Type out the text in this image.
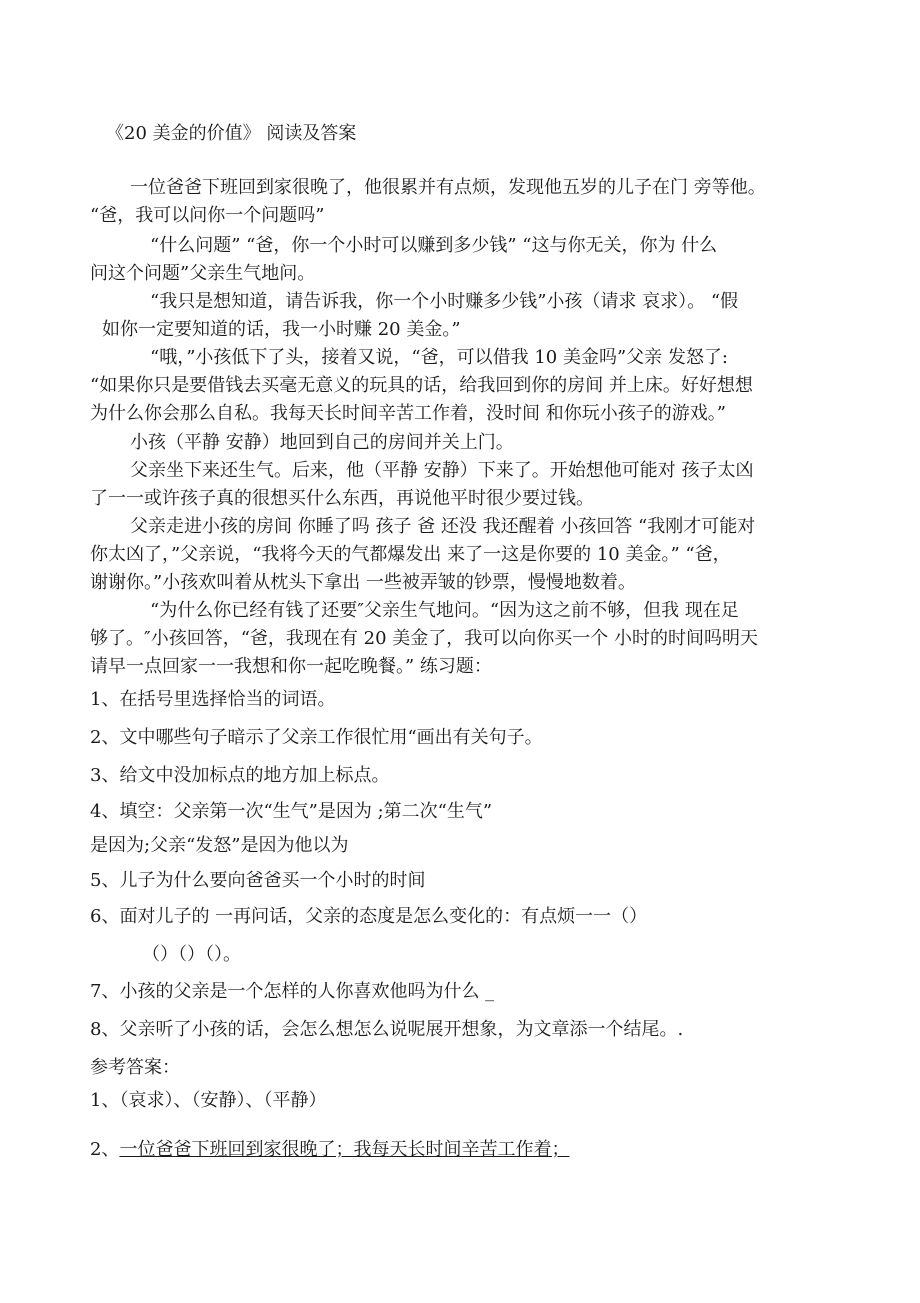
《20 美金的价值》 阅读及答案

一位爸爸下班回到家很晚了，他很累并有点烦，发现他五岁的儿子在门 旁等他。

“爸，我可以问你一个问题吗”

“什么问题” “爸，你一个小时可以赚到多少钱” “这与你无关，你为 什么

问这个问题”父亲生气地问。

“我只是想知道，请告诉我，你一个小时赚多少钱”小孩（请求 哀求）。 “假

如你一定要知道的话，我一小时赚 20 美金。”

“哦，”小孩低下了头，接着又说，“爸，可以借我 10 美金吗”父亲 发怒了:

“如果你只是要借钱去买毫无意义的玩具的话，给我回到你的房间 并上床。好好想想

为什么你会那么自私。我每天长时间辛苦工作着，没时间 和你玩小孩子的游戏。”

小孩（平静 安静）地回到自己的房间并关上门。

父亲坐下来还生气。后来，他（平静 安静）下来了。开始想他可能对 孩子太凶

了一一或许孩子真的很想买什么东西，再说他平时很少要过钱。

父亲走进小孩的房间 你睡了吗 孩子 爸 还没 我还醒着 小孩回答 “我刚才可能对

你太凶了，”父亲说，“我将今天的气都爆发出 来了一这是你要的 10 美金。” “爸，

谢谢你。”小孩欢叫着从枕头下拿出 一些被弄皱的钞票，慢慢地数着。

“为什么你已经有钱了还要″父亲生气地问。“因为这之前不够，但我 现在足

够了。″小孩回答，“爸，我现在有 20 美金了，我可以向你买一个 小时的时间吗明天

请早一点回家一一我想和你一起吃晚餐。” 练习题：

1、在括号里选择恰当的词语。

2、文中哪些句子暗示了父亲工作很忙用“画出有关句子。

3、给文中没加标点的地方加上标点。

4、填空：父亲第一次“生气”是因为 ;第二次“生气”

是因为;父亲“发怒”是因为他以为

5、儿子为什么要向爸爸买一个小时的时间

6、面对儿子的 一再问话，父亲的态度是怎么变化的：有点烦一一（）

（）（）（）。

7、小孩的父亲是一个怎样的人你喜欢他吗为什么 _

8、父亲听了小孩的话，会怎么想怎么说呢展开想象，为文章添一个结尾。.

参考答案：

1、（哀求）、（安静）、（平静）

2、一位爸爸下班回到家很晚了；我每天长时间辛苦工作着；
